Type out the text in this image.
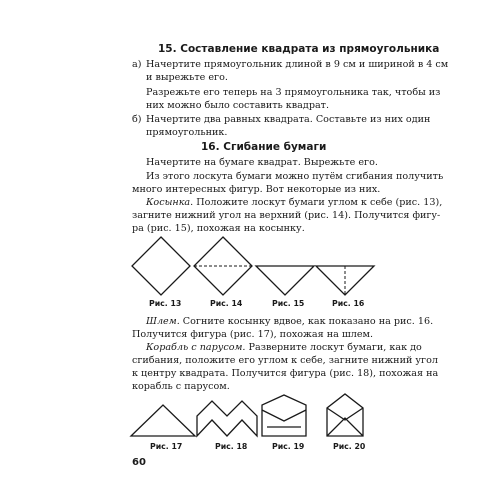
15. Составление квадрата из прямоугольника
а) Начертите прямоугольник длиной в 9 см и шириной в 4 см
и вырежьте его.
Разрежьте его теперь на 3 прямоугольника так, чтобы из
них можно было составить квадрат.
б) Начертите два равных квадрата. Составьте из них один
прямоугольник.
16. Сгибание бумаги
Начертите на бумаге квадрат. Вырежьте его.
Из этого лоскута бумаги можно путём сгибания получить
много интересных фигур. Вот некоторые из них.
Косынка. Положите лоскут бумаги углом к себе (рис. 13),
загните нижний угол на верхний (рис. 14). Получится фигу-
ра (рис. 15), похожая на косынку.
Рис. 13	Рис. 14	Рис. 15	Рис. 16
Шлем. Согните косынку вдвое, как показано на рис. 16.
Получится фигура (рис. 17), похожая на шлем.
Корабль с парусом. Разверните лоскут бумаги, как до
сгибания, положите его углом к себе, загните нижний угол
к центру квадрата. Получится фигура (рис. 18), похожая на
корабль с парусом.
Рис. 17	Рис. 18	Рис. 19	Рис. 20
60
